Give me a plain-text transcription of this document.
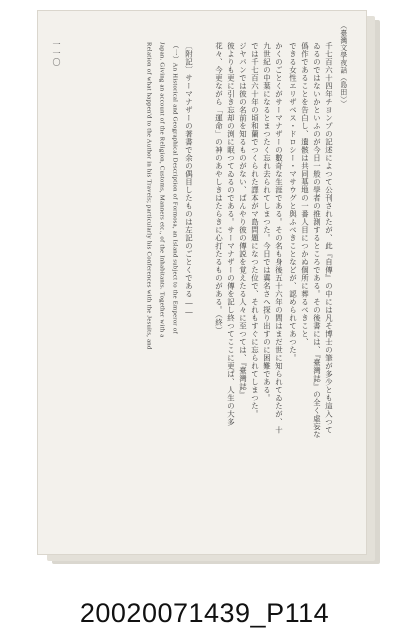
（臺灣文學夜話（島田））
千七百六十四年チヨンプの記述によつて公刊されたが、此『自傳』の中には凡そ博士の筆が多少とも這入つて
ゐるのではないかといふのが今日一般の學者の推測するところである。その後書には、『臺灣誌』の全く虛妄な
僞作であることを告白し、遺骸は共同墓地の一番人目につかぬ個所に葬るべきこと、
できる女性エリザベス・ドロシー・マサウグと與ふべきことなどが、認められてあつた。
かくのごとくがサーマナザーの數奇な生涯である。その名も身後五十六年の間はまだ世に知られてゐたが、十
九世紀の中葉になるとまつたく忘れ去られてしまつた。今日では冀名さへ探り出すのに困難である。
では千七百六十年の頃和蘭でつくられた譯本がマ島問題になつた位で、それもすぐに忘られてしまつた。
ジヤパンでは彼の名前を知るものがない、ばんやり彼の傳説を覚えたる人々に至つては、『臺灣誌』
彼よりも更に引き忘却の渕に眠つてゐるのである。サーマナザーの傳を記し終つてここに更ば、人生の大多
花々、今更ながら「運命」の神のあやしきはたらきに心打たるものがある。（終）
〔附記〕サーマナザーの著書で余の偶目したものは左記のごとくである――
（一）An Historical and Geographical Description of Formosa, an Island subject to the Emperor of
Japan. Giving an account of the Religion, Customs, Manners etc., of the Inhabitants. Together with a
Relation of what happen'd to the Author in his Travels; particularly his Conferences with the Jesuits, and
一一〇
20020071439_P114
